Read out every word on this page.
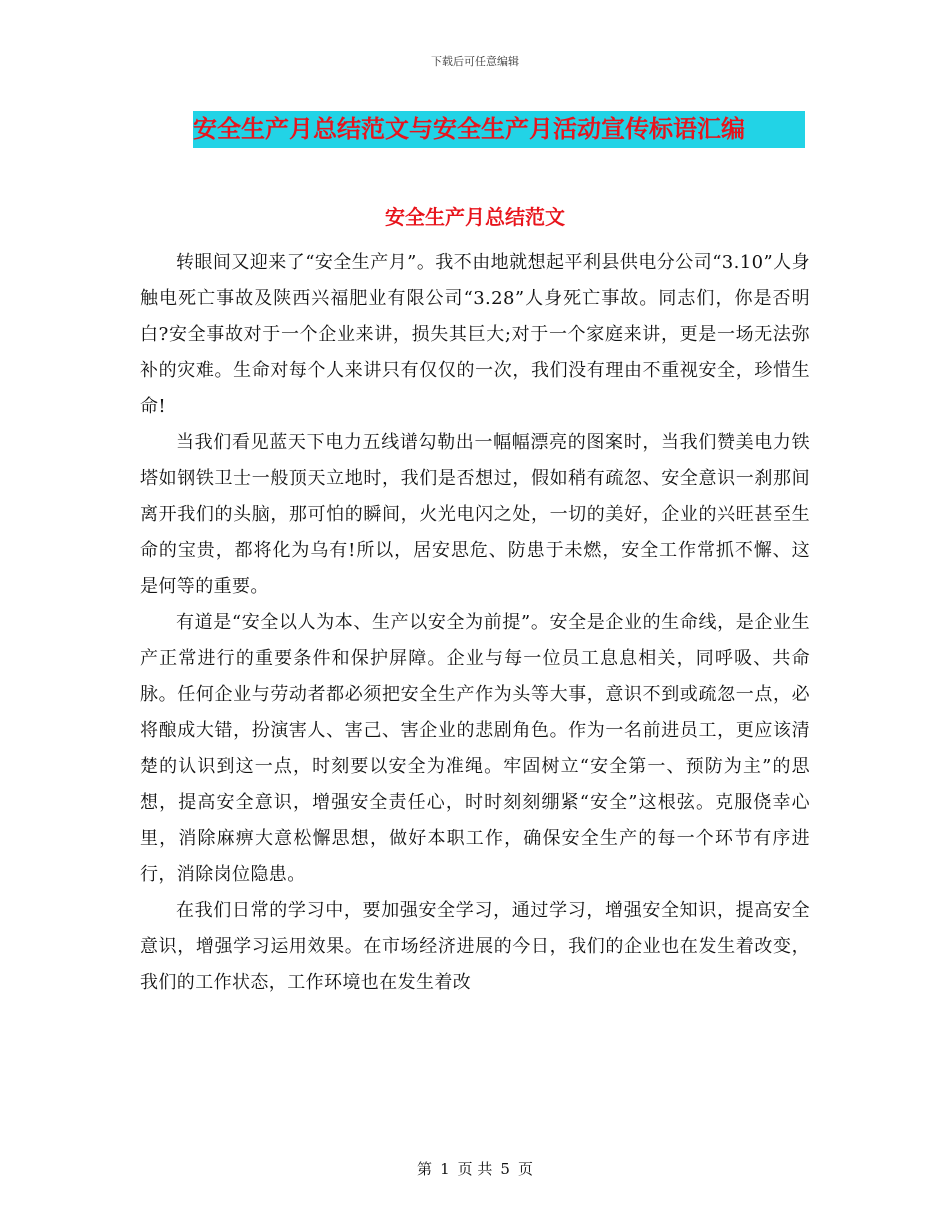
下载后可任意编辑
安全生产月总结范文与安全生产月活动宣传标语汇编
安全生产月总结范文

转眼间又迎来了“安全生产月”。我不由地就想起平利县供电分公司“3.10”人身触电死亡事故及陕西兴福肥业有限公司“3.28”人身死亡事故。同志们，你是否明白?安全事故对于一个企业来讲，损失其巨大;对于一个家庭来讲，更是一场无法弥补的灾难。生命对每个人来讲只有仅仅的一次，我们没有理由不重视安全，珍惜生命!

当我们看见蓝天下电力五线谱勾勒出一幅幅漂亮的图案时，当我们赞美电力铁塔如钢铁卫士一般顶天立地时，我们是否想过，假如稍有疏忽、安全意识一刹那间离开我们的头脑，那可怕的瞬间，火光电闪之处，一切的美好，企业的兴旺甚至生命的宝贵，都将化为乌有!所以，居安思危、防患于未燃，安全工作常抓不懈、这是何等的重要。

有道是“安全以人为本、生产以安全为前提”。安全是企业的生命线，是企业生产正常进行的重要条件和保护屏障。企业与每一位员工息息相关，同呼吸、共命脉。任何企业与劳动者都必须把安全生产作为头等大事，意识不到或疏忽一点，必将酿成大错，扮演害人、害己、害企业的悲剧角色。作为一名前进员工，更应该清楚的认识到这一点，时刻要以安全为准绳。牢固树立“安全第一、预防为主”的思想，提高安全意识，增强安全责任心，时时刻刻绷紧“安全”这根弦。克服侥幸心里，消除麻痹大意松懈思想，做好本职工作，确保安全生产的每一个环节有序进行，消除岗位隐患。

在我们日常的学习中，要加强安全学习，通过学习，增强安全知识，提高安全意识，增强学习运用效果。在市场经济进展的今日，我们的企业也在发生着改变，我们的工作状态，工作环境也在发生着改

第 1 页 共 5 页
